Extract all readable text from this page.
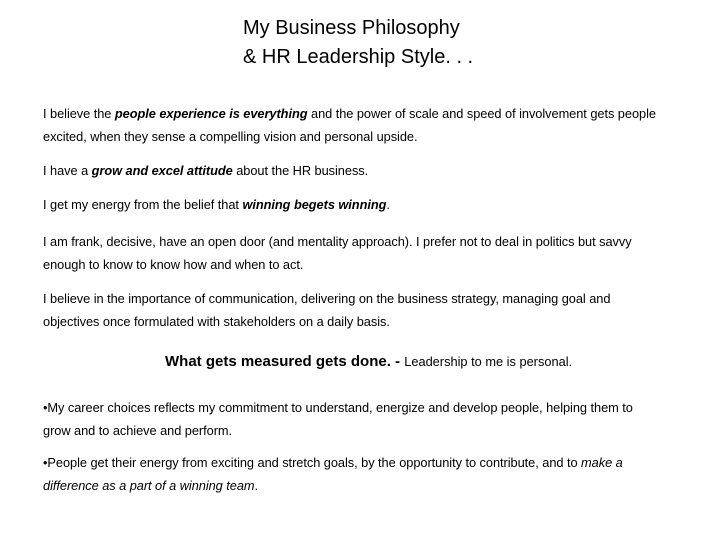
My Business Philosophy
& HR Leadership Style. . .

I believe the people experience is everything and the power of scale and speed of involvement gets people
excited, when they sense a compelling vision and personal upside.

I have a grow and excel attitude about the HR business.

I get my energy from the belief that winning begets winning.

I am frank, decisive, have an open door (and mentality approach). I prefer not to deal in politics but savvy
enough to know to know how and when to act.

I believe in the importance of communication, delivering on the business strategy, managing goal and
objectives once formulated with stakeholders on a daily basis.

What gets measured gets done. - Leadership to me is personal.

•My career choices reflects my commitment to understand, energize and develop people, helping them to
grow and to achieve and perform.

•People get their energy from exciting and stretch goals, by the opportunity to contribute, and to make a
difference as a part of a winning team.
